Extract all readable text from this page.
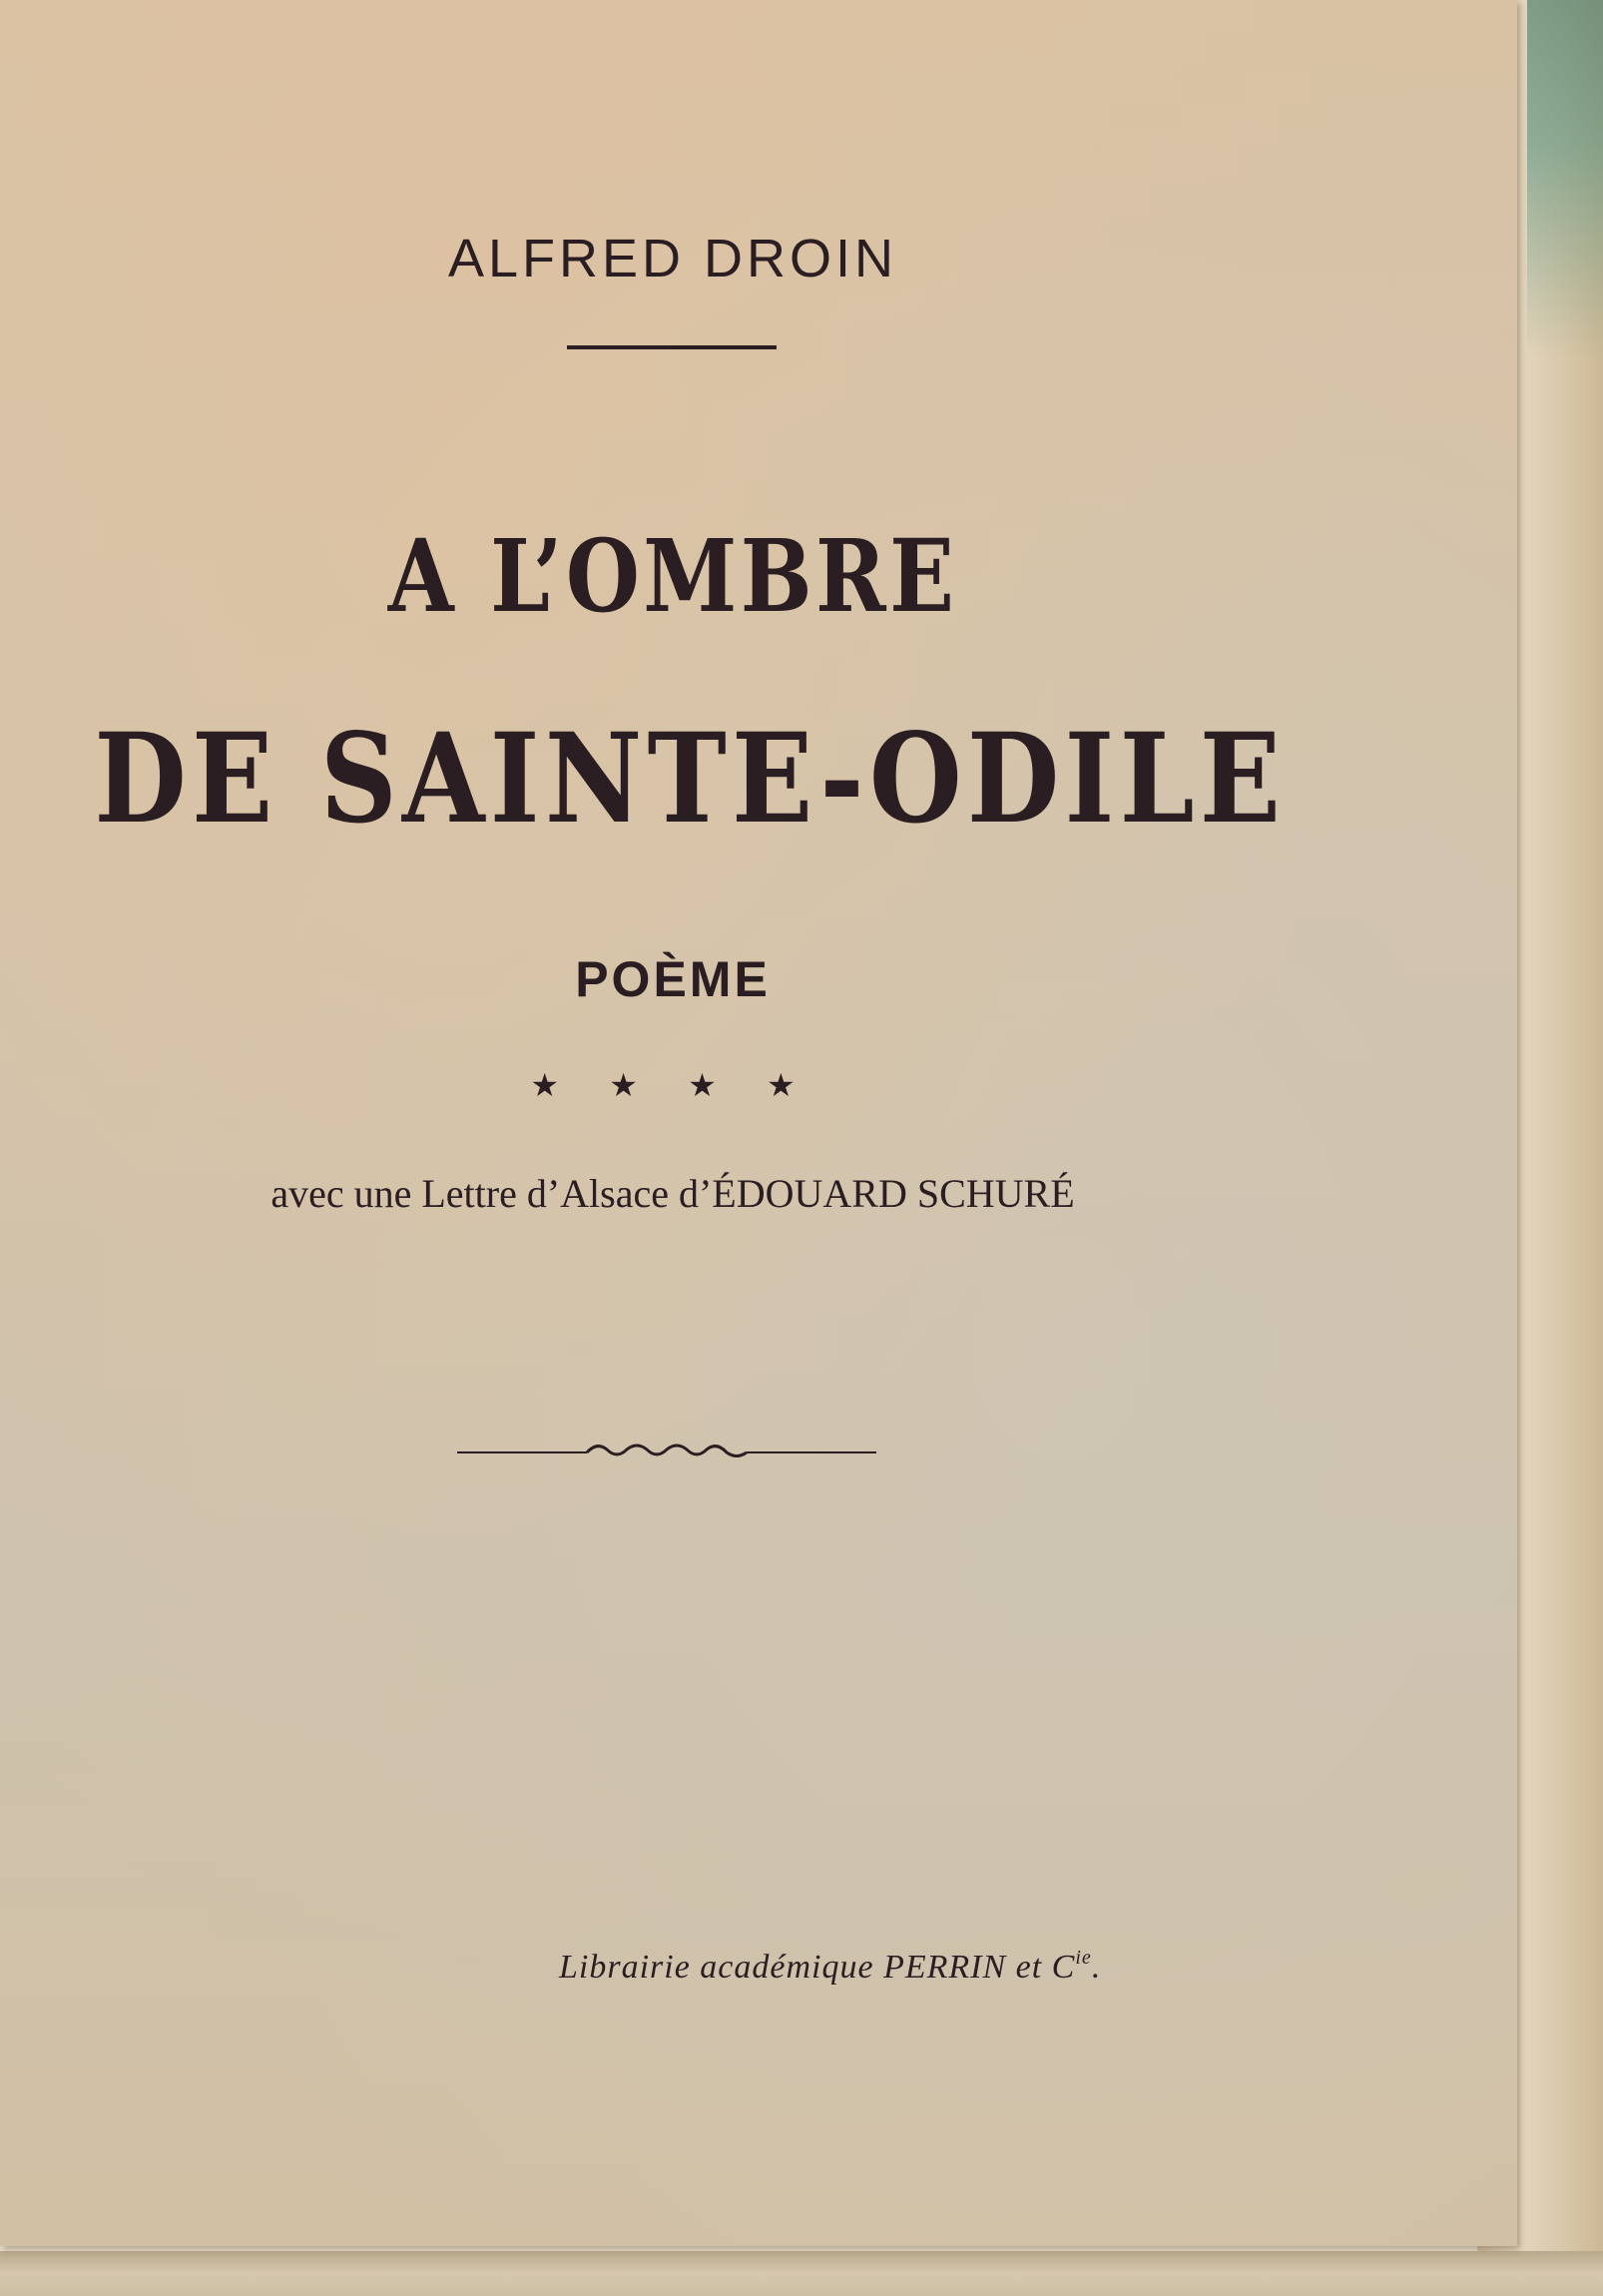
ALFRED DROIN
A L’OMBRE
DE SAINTE-ODILE
POÈME
★ ★ ★ ★
avec une Lettre d’Alsace d’ÉDOUARD SCHURÉ
Librairie académique PERRIN et $C^{ie}$.
